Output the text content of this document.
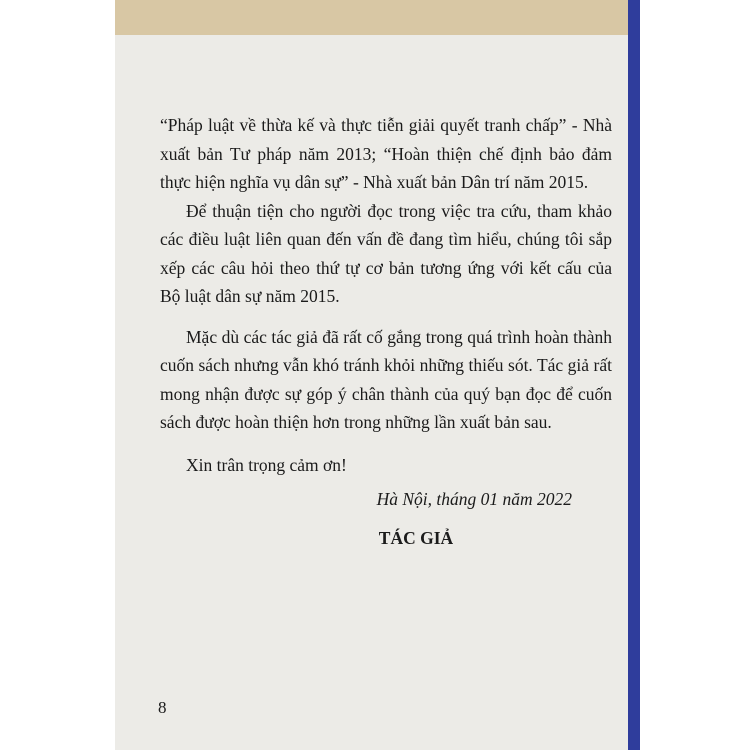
“Pháp luật về thừa kế và thực tiễn giải quyết tranh chấp” - Nhà xuất bản Tư pháp năm 2013; “Hoàn thiện chế định bảo đảm thực hiện nghĩa vụ dân sự” - Nhà xuất bản Dân trí năm 2015.

Để thuận tiện cho người đọc trong việc tra cứu, tham khảo các điều luật liên quan đến vấn đề đang tìm hiểu, chúng tôi sắp xếp các câu hỏi theo thứ tự cơ bản tương ứng với kết cấu của Bộ luật dân sự năm 2015.

Mặc dù các tác giả đã rất cố gắng trong quá trình hoàn thành cuốn sách nhưng vẫn khó tránh khỏi những thiếu sót. Tác giả rất mong nhận được sự góp ý chân thành của quý bạn đọc để cuốn sách được hoàn thiện hơn trong những lần xuất bản sau.

Xin trân trọng cảm ơn!

Hà Nội, tháng 01 năm 2022

TÁC GIẢ

8
